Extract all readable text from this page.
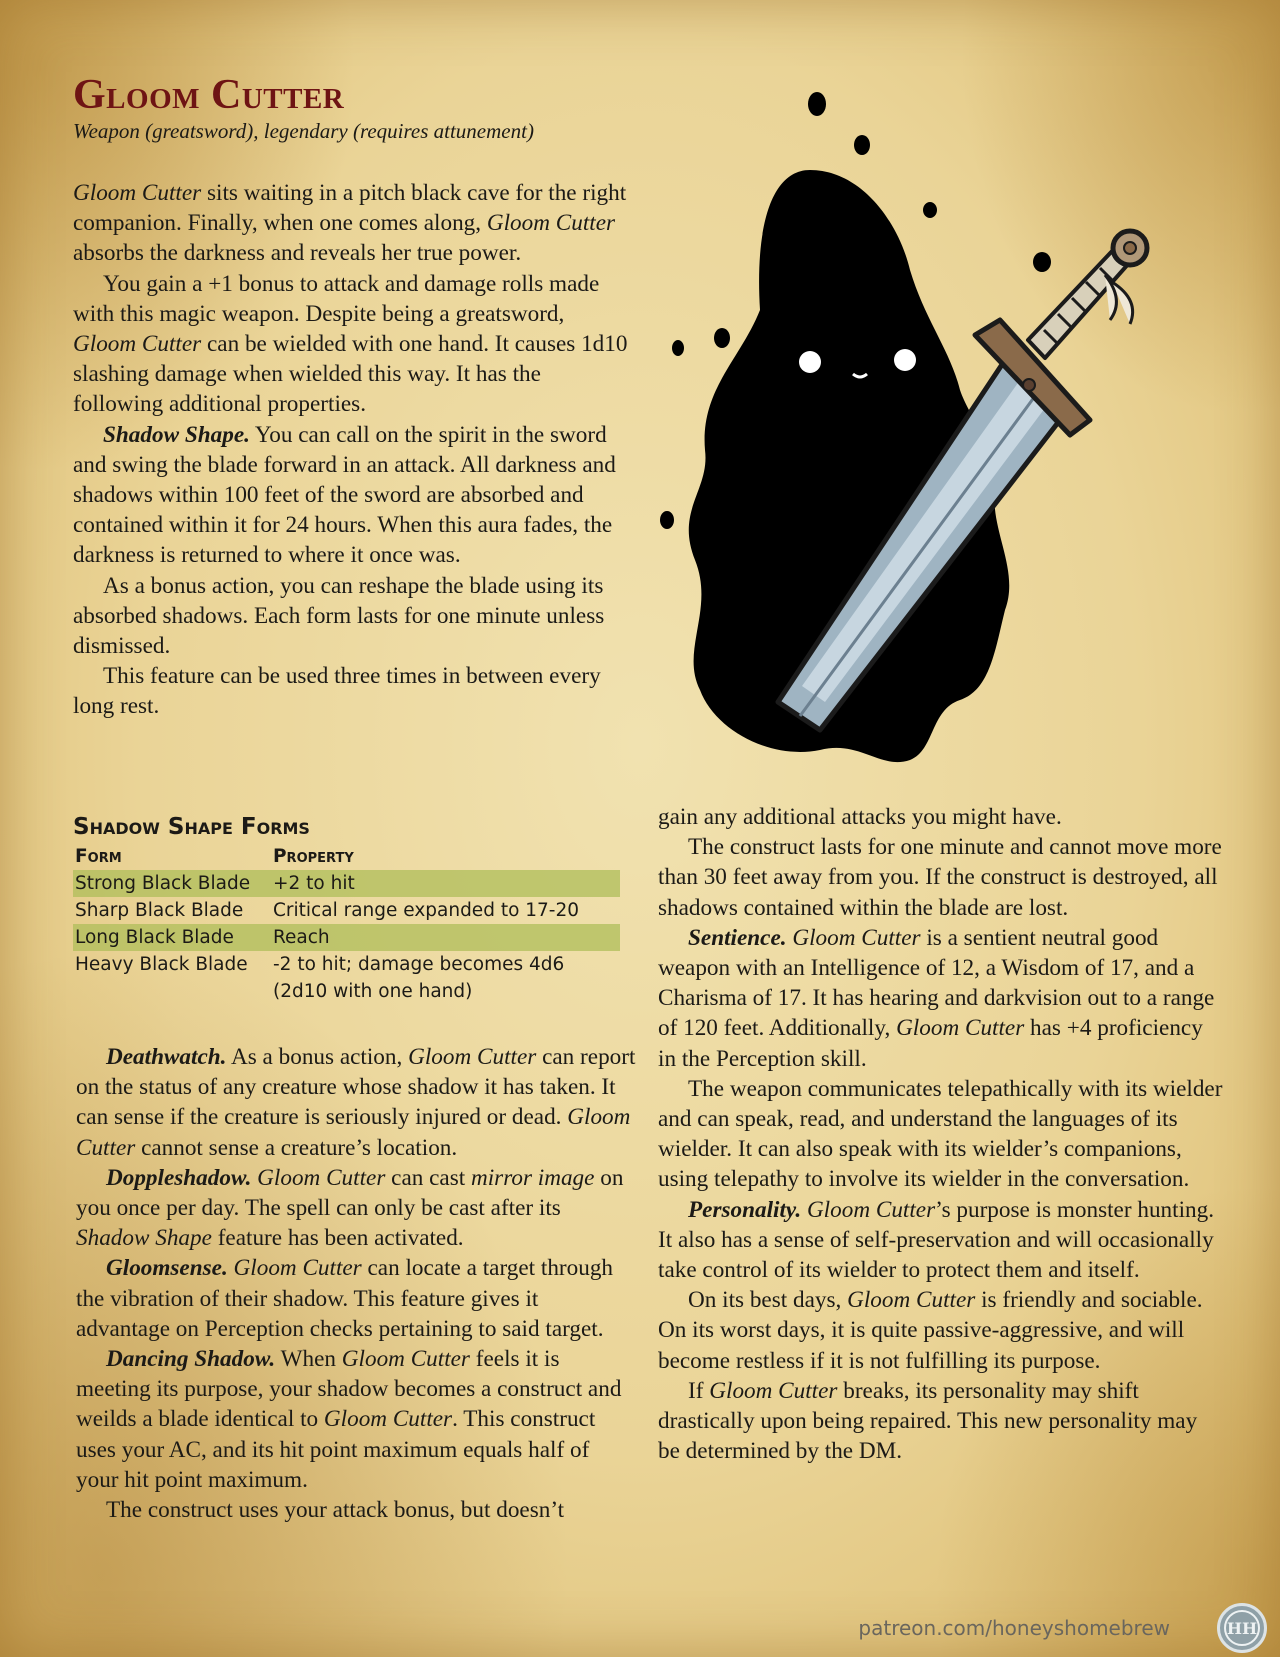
Gloom Cutter
Weapon (greatsword), legendary (requires attunement)

Gloom Cutter sits waiting in a pitch black cave for the right companion. Finally, when one comes along, Gloom Cutter absorbs the darkness and reveals her true power.

You gain a +1 bonus to attack and damage rolls made with this magic weapon. Despite being a greatsword, Gloom Cutter can be wielded with one hand. It causes 1d10 slashing damage when wielded this way. It has the following additional properties.

Shadow Shape. You can call on the spirit in the sword and swing the blade forward in an attack. All darkness and shadows within 100 feet of the sword are absorbed and contained within it for 24 hours. When this aura fades, the darkness is returned to where it once was.

As a bonus action, you can reshape the blade using its absorbed shadows. Each form lasts for one minute unless dismissed.

This feature can be used three times in between every long rest.

Shadow Shape Forms
Form	Property
Strong Black Blade	+2 to hit
Sharp Black Blade	Critical range expanded to 17-20
Long Black Blade	Reach
Heavy Black Blade	-2 to hit; damage becomes 4d6 (2d10 with one hand)

Deathwatch. As a bonus action, Gloom Cutter can report on the status of any creature whose shadow it has taken. It can sense if the creature is seriously injured or dead. Gloom Cutter cannot sense a creature’s location.

Doppleshadow. Gloom Cutter can cast mirror image on you once per day. The spell can only be cast after its Shadow Shape feature has been activated.

Gloomsense. Gloom Cutter can locate a target through the vibration of their shadow. This feature gives it advantage on Perception checks pertaining to said target.

Dancing Shadow. When Gloom Cutter feels it is meeting its purpose, your shadow becomes a construct and weilds a blade identical to Gloom Cutter. This construct uses your AC, and its hit point maximum equals half of your hit point maximum.

The construct uses your attack bonus, but doesn’t

gain any additional attacks you might have.

The construct lasts for one minute and cannot move more than 30 feet away from you. If the construct is destroyed, all shadows contained within the blade are lost.

Sentience. Gloom Cutter is a sentient neutral good weapon with an Intelligence of 12, a Wisdom of 17, and a Charisma of 17. It has hearing and darkvision out to a range of 120 feet. Additionally, Gloom Cutter has +4 proficiency in the Perception skill.

The weapon communicates telepathically with its wielder and can speak, read, and understand the languages of its wielder. It can also speak with its wielder’s companions, using telepathy to involve its wielder in the conversation.

Personality. Gloom Cutter’s purpose is monster hunting. It also has a sense of self-preservation and will occasionally take control of its wielder to protect them and itself.

On its best days, Gloom Cutter is friendly and sociable. On its worst days, it is quite passive-aggressive, and will become restless if it is not fulfilling its purpose.

If Gloom Cutter breaks, its personality may shift drastically upon being repaired. This new personality may be determined by the DM.

patreon.com/honeyshomebrew	HH
